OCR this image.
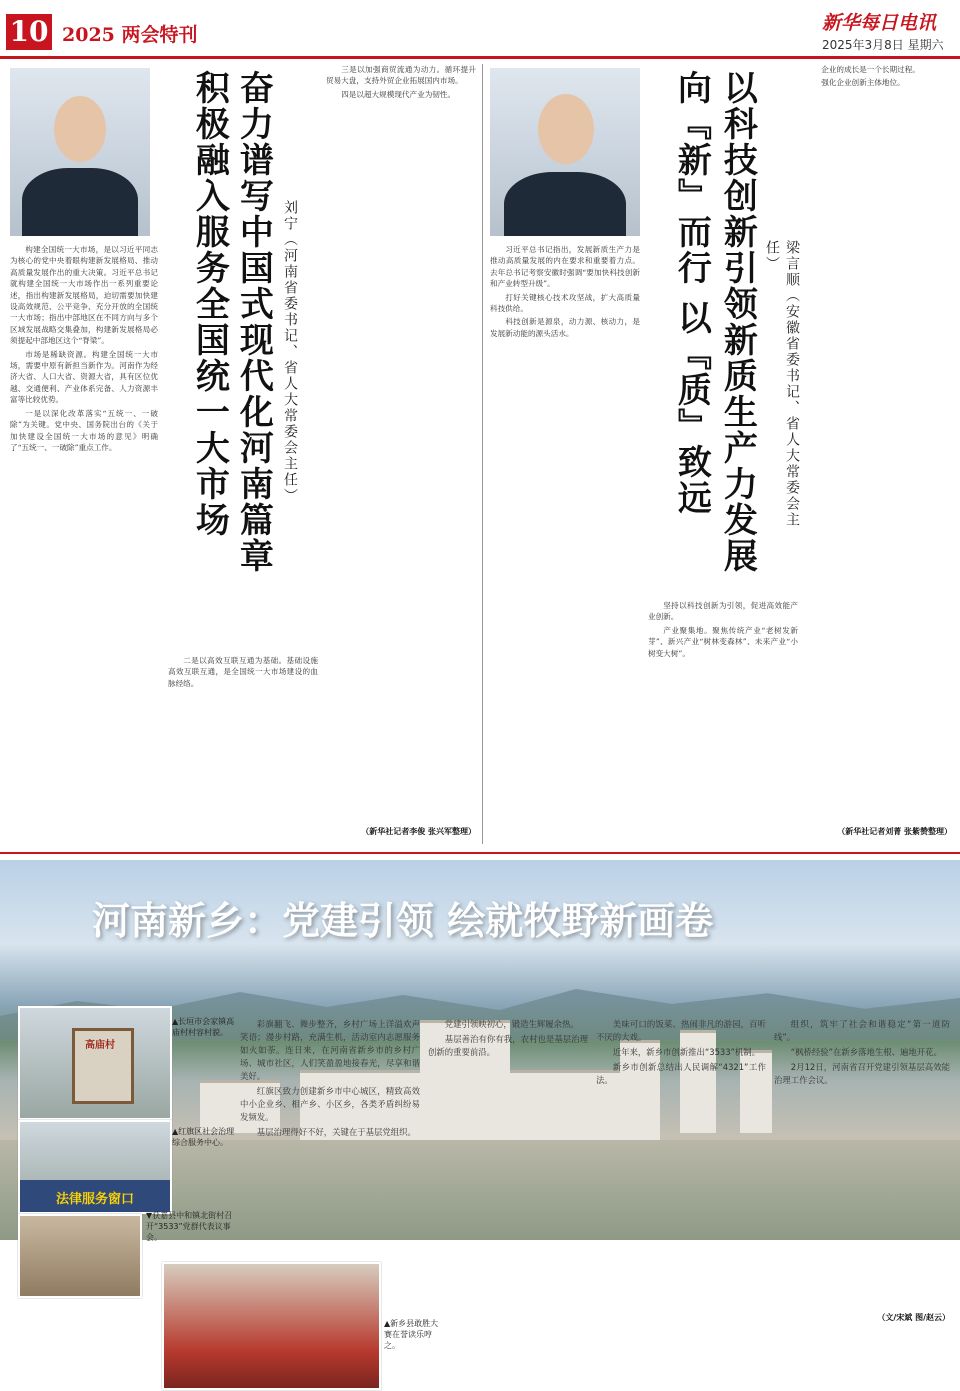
10 2025 两会特刊
新华每日电讯
2025年3月8日 星期六
积极融入服务全国统一大市场 奋力谱写中国式现代化河南篇章 刘宁（河南省委书记、省人大常委会主任）

构建全国统一大市场，是以习近平同志为核心的党中央着眼构建新发展格局、推动高质量发展作出的重大决策。习近平总书记就构建全国统一大市场作出一系列重要论述，指出构建新发展格局，迫切需要加快建设高效规范、公平竞争、充分开放的全国统一大市场；指出中部地区在不同方向与多个区域发展战略交集叠加，构建新发展格局必须提起中部地区这个“脊梁”。

市场是稀缺资源。构建全国统一大市场，需要中原有新担当新作为。河南作为经济大省、人口大省、资源大省，具有区位优越、交通便利、产业体系完备、人力资源丰富等比较优势。

一是以深化改革落实“五统一、一破除”为关键。党中央、国务院出台的《关于加快建设全国统一大市场的意见》明确了“五统一、一破除”重点工作。

二是以高效互联互通为基础。基础设施高效互联互通，是全国统一大市场建设的血脉经络。

三是以加强商贸流通为动力。循环提升贸易大盘，支持外贸企业拓展国内市场。

四是以超大规模现代产业为韧性。

（新华社记者李俊 张兴军整理）
向『新』而行 以『质』致远 以科技创新引领新质生产力发展	梁言顺（安徽省委书记、省人大常委会主任）

习近平总书记指出，发展新质生产力是推动高质量发展的内在要求和重要着力点。去年总书记考察安徽时强调“要加快科技创新和产业转型升级”。

打好关键核心技术攻坚战，扩大高质量科技供给。

科技创新是源泉，动力源、核动力，是发展新动能的源头活水。

坚持以科技创新为引领，促进高效能产业创新。

产业聚集地。聚焦传统产业“老树发新芽”、新兴产业“树林变森林”、未来产业“小树变大树”。

企业的成长是一个长期过程。

强化企业创新主体地位。

（新华社记者刘菁 张紫赞整理）
河南新乡：党建引领 绘就牧野新画卷
高庙村
▲长垣市会家镇高庙村村容村貌。
法律服务窗口
▲红旗区社会治理综合服务中心。
▼获嘉县中和镇北街村召开“3533”党群代表议事会。
▲新乡县敢胜大赛在誉读乐哼之。

彩旗翻飞、舞步整齐，乡村广场上洋溢欢声笑语；漫步村路，充满生机，活动室内志愿服务如火如荼。连日来，在河南省新乡市的乡村广场、城市社区，人们笑盈盈地接春光，尽享和谐美好。

红旗区致力创建新乡市中心城区，精致高效中小企业乡、相产乡、小区乡，各类矛盾纠纷易发频发。

基层治理得好不好，关键在于基层党组织。

党建引领映初心，锻造生辉履余热。

基层善治有你有我，农村也是基层治理创新的重要前沿。

美味可口的饭菜、热闹非凡的游园，百听不厌的大戏。

近年来，新乡市创新推出“3533”机制。

新乡市创新总结出人民调解“4321”工作法。

组织，筑牢了社会和谐稳定“第一道防线”。

“枫桥经验”在新乡落地生根、遍地开花。

2月12日，河南省召开党建引领基层高效能治理工作会议。

（文/宋斌 图/赵云）
